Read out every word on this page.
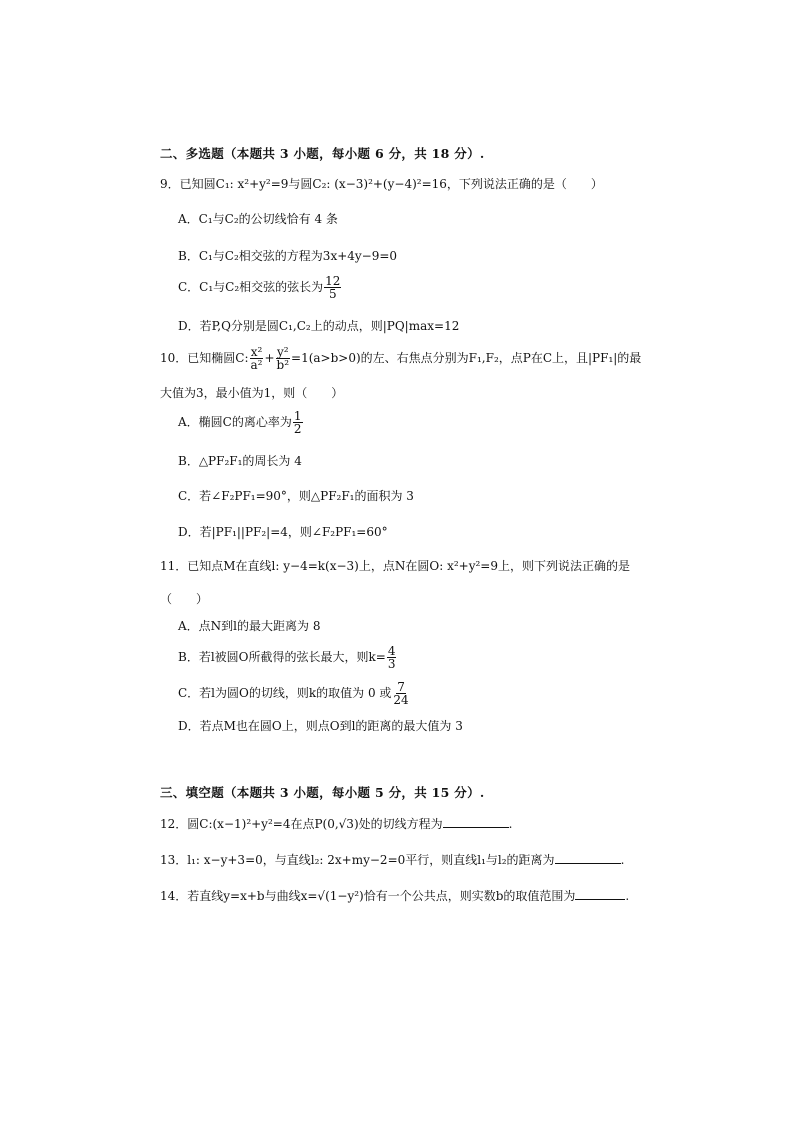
二、多选题（本题共 3 小题，每小题 6 分，共 18 分）.
9．已知圆C₁: x²+y²=9与圆C₂: (x−3)²+(y−4)²=16，下列说法正确的是（　　）
A．C₁与C₂的公切线恰有 4 条
B．C₁与C₂相交弦的方程为3x+4y−9=0
C．C₁与C₂相交弦的弦长为 $\frac{12}{5}$
D．若P,Q分别是圆C₁,C₂上的动点，则|PQ|max=12
10．已知椭圆C: $\frac{\text{x²}}{\text{a²}} + \frac{\text{y²}}{\text{b²}} =1(a>b>0)$的左、右焦点分别为F₁,F₂，点P在C上，且|PF₁|的最
大值为3，最小值为1，则（　　）
A．椭圆C的离心率为 $\frac{1}{2}$
B．△PF₂F₁的周长为 4
C．若∠F₂PF₁=90°，则△PF₂F₁的面积为 3
D．若|PF₁||PF₂|=4，则∠F₂PF₁=60°
11．已知点M在直线l: y−4=k(x−3)上，点N在圆O: x²+y²=9上，则下列说法正确的是
（　　）
A．点N到l的最大距离为 8
B．若l被圆O所截得的弦长最大，则$k= \frac{4}{3}$
C．若l为圆O的切线，则k的取值为 0 或 $\frac{7}{24}$
D．若点M也在圆O上，则点O到l的距离的最大值为 3
三、填空题（本题共 3 小题，每小题 5 分，共 15 分）.
12．圆C:(x−1)²+y²=4在点P(0,√3)处的切线方程为	.
13．l₁: x−y+3=0，与直线l₂: 2x+my−2=0平行，则直线l₁与l₂的距离为	.
14．若直线y=x+b与曲线x=√(1−y²)恰有一个公共点，则实数b的取值范围为	.
